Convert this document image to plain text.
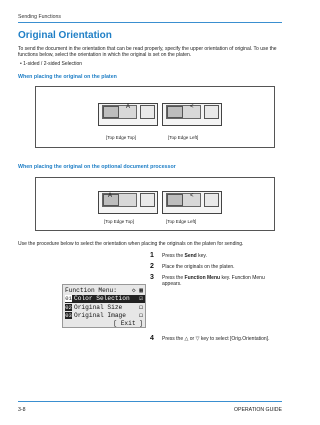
Sending Functions
Original Orientation
To send the document in the orientation that can be read properly, specify the upper orientation of original. To use the functions below, select the orientation in which the original is set on the platen.
• 1-sided / 2-sided Selection
When placing the original on the platen
A	<
[Top Edge Top]	[Top Edge Left]
When placing the original on the optional document processor
A	<
[Top Edge Top]	[Top Edge Left]
Use the procedure below to select the orientation when placing the originals on the platen for sending.
1 Press the Send key.
2 Place the originals on the platen.
3 Press the Function Menu key. Function Menu appears.
4 Press the △ or ▽ key to select [Orig.Orientation].
Function Menu: ◇ ▦
01 Color Selection ☑
02 Original Size	◻
03 Original Image ◻
[ Exit ]
3-8	OPERATION GUIDE
